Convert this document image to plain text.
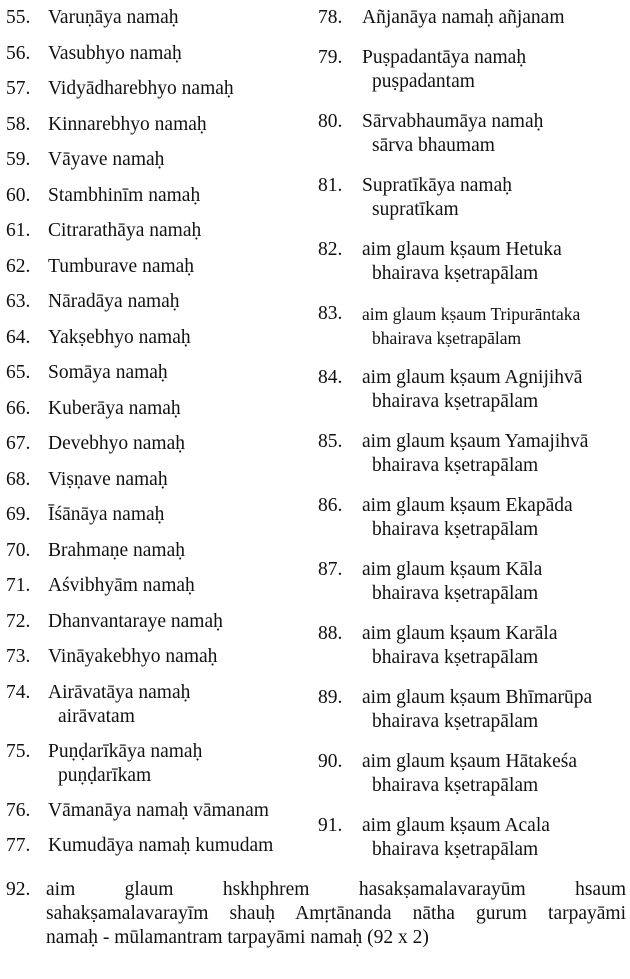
55. Varuṇāya namaḥ
56. Vasubhyo namaḥ
57. Vidyādharebhyo namaḥ
58. Kinnarebhyo namaḥ
59. Vāyave namaḥ
60. Stambhinīm namaḥ
61. Citrarathāya namaḥ
62. Tumburave namaḥ
63. Nāradāya namaḥ
64. Yakṣebhyo namaḥ
65. Somāya namaḥ
66. Kuberāya namaḥ
67. Devebhyo namaḥ
68. Viṣṇave namaḥ
69. Īśānāya namaḥ
70. Brahmaṇe namaḥ
71. Aśvibhyām namaḥ
72. Dhanvantaraye namaḥ
73. Vināyakebhyo namaḥ
74. Airāvatāya namaḥ
airāvatam
75. Puṇḍarīkāya namaḥ
puṇḍarīkam
76. Vāmanāya namaḥ vāmanam
77. Kumudāya namaḥ kumudam
78.	Añjanāya namaḥ añjanam
79.	Puṣpadantāya namaḥ
puṣpadantam
80.	Sārvabhaumāya namaḥ
sārva bhaumam
81.	Supratīkāya namaḥ
supratīkam
82.	aim glaum kṣaum Hetuka
bhairava kṣetrapālam
83.	aim glaum kṣaum Tripurāntaka
bhairava kṣetrapālam
84.	aim glaum kṣaum Agnijihvā
bhairava kṣetrapālam
85.	aim glaum kṣaum Yamajihvā
bhairava kṣetrapālam
86.	aim glaum kṣaum Ekapāda
bhairava kṣetrapālam
87.	aim glaum kṣaum Kāla
bhairava kṣetrapālam
88.	aim glaum kṣaum Karāla
bhairava kṣetrapālam
89.	aim glaum kṣaum Bhīmarūpa
bhairava kṣetrapālam
90.	aim glaum kṣaum Hātakeśa
bhairava kṣetrapālam
91.	aim glaum kṣaum Acala
bhairava kṣetrapālam
92. aim glaum hskhphrem hasakṣamalavarayūm hsaum
sahakṣamalavarayīm shauḥ Amṛtānanda nātha gurum tarpayāmi
namaḥ - mūlamantram tarpayāmi namaḥ (92 x 2)
